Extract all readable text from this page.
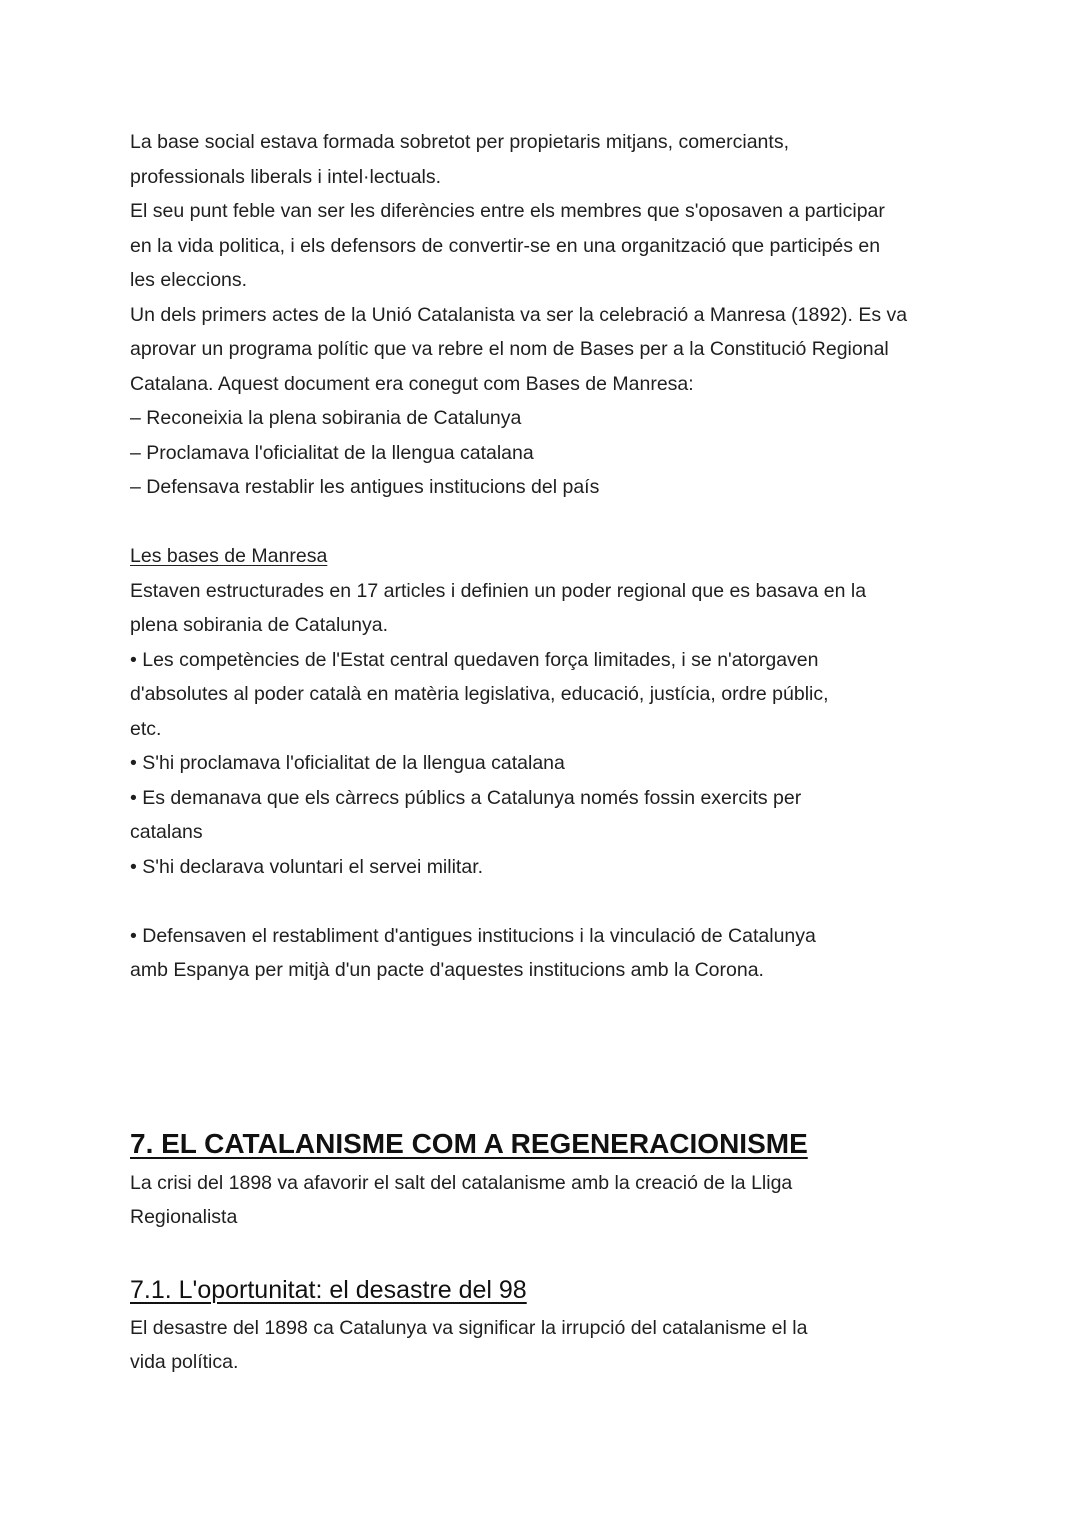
La base social estava formada sobretot per propietaris mitjans, comerciants,
professionals liberals i intel·lectuals.
El seu punt feble van ser les diferències entre els membres que s'oposaven a participar
en la vida politica, i els defensors de convertir-se en una organització que participés en
les eleccions.
Un dels primers actes de la Unió Catalanista va ser la celebració a Manresa (1892). Es va
aprovar un programa polític que va rebre el nom de Bases per a la Constitució Regional
Catalana. Aquest document era conegut com Bases de Manresa:
– Reconeixia la plena sobirania de Catalunya
– Proclamava l'oficialitat de la llengua catalana
– Defensava restablir les antigues institucions del país
Les bases de Manresa
Estaven estructurades en 17 articles i definien un poder regional que es basava en la
plena sobirania de Catalunya.
• Les competències de l'Estat central quedaven força limitades, i se n'atorgaven
d'absolutes al poder català en matèria legislativa, educació, justícia, ordre públic,
etc.
• S'hi proclamava l'oficialitat de la llengua catalana
• Es demanava que els càrrecs públics a Catalunya només fossin exercits per
catalans
• S'hi declarava voluntari el servei militar.
• Defensaven el restabliment d'antigues institucions i la vinculació de Catalunya
amb Espanya per mitjà d'un pacte d'aquestes institucions amb la Corona.
7. EL CATALANISME COM A REGENERACIONISME
La crisi del 1898 va afavorir el salt del catalanisme amb la creació de la Lliga
Regionalista
7.1. L'oportunitat: el desastre del 98
El desastre del 1898 ca Catalunya va significar la irrupció del catalanisme el la
vida política.
